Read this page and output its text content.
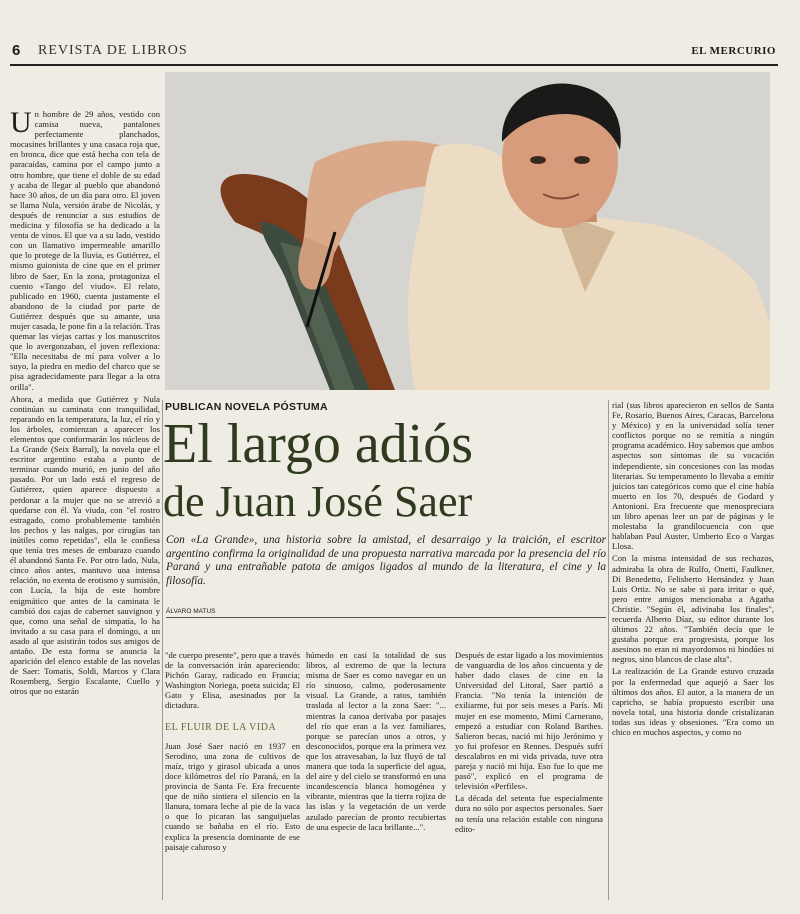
6 REVISTA DE LIBROS	EL MERCURIO

Un hombre de 29 años, vestido con camisa nueva, pantalones perfectamente planchados, mocasines brillantes y una casaca roja que, en bronca, dice que está hecha con tela de paracaídas, camina por el campo junto a otro hombre, que tiene el doble de su edad y acaba de llegar al pueblo que abandonó hace 30 años, de un día para otro. El joven se llama Nula, versión árabe de Nicolás, y después de renunciar a sus estudios de medicina y filosofía se ha dedicado a la venta de vinos. El que va a su lado, vestido con un llamativo impermeable amarillo que lo protege de la lluvia, es Gutiérrez, el mismo guionista de cine que en el primer libro de Saer, En la zona, protagoniza el cuento «Tango del viudo». El relato, publicado en 1960, cuenta justamente el abandono de la ciudad por parte de Gutiérrez después que su amante, una mujer casada, le pone fin a la relación. Tras quemar las viejas cartas y los manuscritos que lo avergonzaban, el joven reflexiona: "Ella necesitaba de mí para volver a lo suyo, la piedra en medio del charco que se pisa agradecidamente para llegar a la otra orilla".

Ahora, a medida que Gutiérrez y Nula continúan su caminata con tranquilidad, reparando en la temperatura, la luz, el río y los árboles, comienzan a aparecer los elementos que conformarán los núcleos de La Grande (Seix Barral), la novela que el escritor argentino estaba a punto de terminar cuando murió, en junio del año pasado. Por un lado está el regreso de Gutiérrez, quien aparece dispuesto a perdonar a la mujer que no se atrevió a quedarse con él. Ya viuda, con "el rostro estragado, como probablemente también los pechos y las nalgas, por cirugías tan inútiles como repetidas", ella le confiesa que tenía tres meses de embarazo cuando él abandonó Santa Fe. Por otro lado, Nula, cinco años antes, mantuvo una intensa relación, no exenta de erotismo y sumisión, con Lucía, la hija de este hombre enigmático que antes de la caminata le cambió dos cajas de cabernet sauvignon y que, como una señal de simpatía, lo ha invitado a su casa para el domingo, a un asado al que asistirán todos sus amigos de antaño. De esta forma se anuncia la aparición del elenco estable de las novelas de Saer: Tomatis, Soldi, Marcos y Clara Rosemberg, Sergio Escalante, Cuello y otros que no estarán

PUBLICAN NOVELA PÓSTUMA
El largo adiós
de Juan José Saer
Con «La Grande», una historia sobre la amistad, el desarraigo y la traición, el escritor argentino confirma la originalidad de una propuesta narrativa marcada por la presencia del río Paraná y una entrañable patota de amigos ligados al mundo de la literatura, el cine y la filosofía.
ÁLVARO MATUS

"de cuerpo presente", pero que a través de la conversación irán apareciendo: Pichón Garay, radicado en Francia; Washington Noriega, poeta suicida; El Gato y Elisa, asesinados por la dictadura.

EL FLUIR DE LA VIDA

Juan José Saer nació en 1937 en Serodino, una zona de cultivos de maíz, trigo y girasol ubicada a unos doce kilómetros del río Paraná, en la provincia de Santa Fe. Era frecuente que de niño sintiera el silencio en la llanura, tomara leche al pie de la vaca o que lo picaran las sanguijuelas cuando se bañaba en el río. Esto explica la presencia dominante de ese paisaje caluroso y

húmedo en casi la totalidad de sus libros, al extremo de que la lectura misma de Saer es como navegar en un río sinuoso, calmo, poderosamente visual. La Grande, a ratos, también traslada al lector a la zona Saer: "... mientras la canoa derivaba por pasajes del río que eran a la vez familiares, porque se parecían unos a otros, y desconocidos, porque era la primera vez que los atravesaban, la luz fluyó de tal manera que toda la superficie del agua, del aire y del cielo se transformó en una incandescencia blanca homogénea y vibrante, mientras que la tierra rojiza de las islas y la vegetación de un verde azulado parecían de pronto recubiertas de una especie de laca brillante...".

Después de estar ligado a los movimientos de vanguardia de los años cincuenta y de haber dado clases de cine en la Universidad del Litoral, Saer partió a Francia. "No tenía la intención de exiliarme, fui por seis meses a París. Mi mujer en ese momento, Mimí Carnerano, empezó a estudiar con Roland Barthes. Salieron becas, nació mi hijo Jerónimo y yo fui profesor en Rennes. Después sufrí descalabros en mi vida privada, tuve otra pareja y nació mi hija. Eso fue lo que me pasó", explicó en el programa de televisión «Perfiles».

La década del setenta fue especialmente dura no sólo por aspectos personales. Saer no tenía una relación estable con ninguna edito-

rial (sus libros aparecieron en sellos de Santa Fe, Rosario, Buenos Aires, Caracas, Barcelona y México) y en la universidad solía tener conflictos porque no se remitía a ningún programa académico. Hoy sabemos que ambos aspectos son síntomas de su vocación independiente, sin concesiones con las modas literarias. Su temperamento lo llevaba a emitir juicios tan categóricos como que el cine había muerto en los 70, después de Godard y Antonioni. Era frecuente que menospreciara un libro apenas leer un par de páginas y le molestaba la grandilocuencia con que hablaban Paul Auster, Umberto Eco o Vargas Llosa.

Con la misma intensidad de sus rechazos, admiraba la obra de Rulfo, Onetti, Faulkner, Di Benedetto, Felisberto Hernández y Juan Luis Ortiz. No se sabe si para irritar o qué, pero entre amigos mencionaba a Agatha Christie. "Según él, adivinaba los finales", recuerda Alberto Díaz, su editor durante los últimos 22 años. "También decía que le gustaba porque era progresista, porque los asesinos no eran ni mayordomos ni hindúes ni negros, sino blancos de clase alta".

La realización de La Grande estuvo cruzada por la enfermedad que aquejó a Saer los últimos dos años. El autor, a la manera de un capricho, se había propuesto escribir una novela total, una historia donde cristalizaran todas sus ideas y obsesiones. "Era como un chico en muchos aspectos, y como no
